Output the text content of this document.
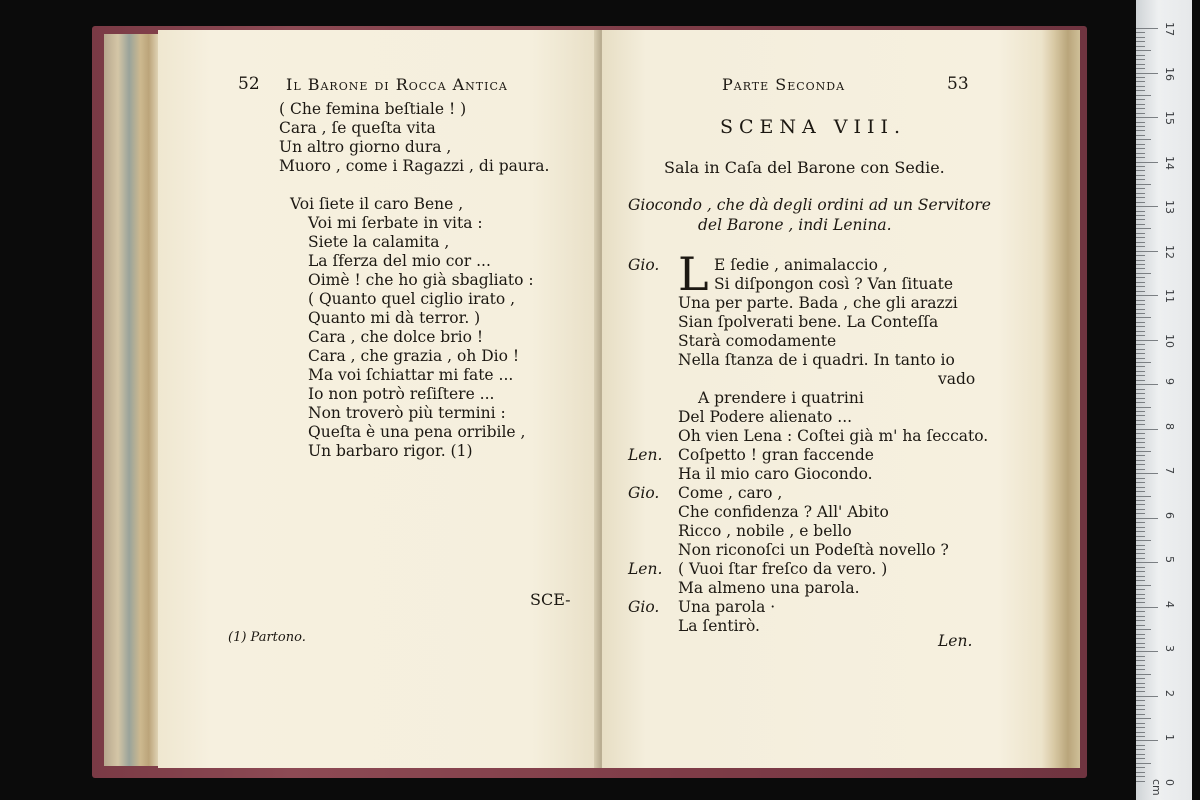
52 Il Barone di Rocca Antica
( Che femina beſtiale ! )
Cara , ſe queſta vita
Un altro giorno dura ,
Muoro , come i Ragazzi , di paura.
Voi ſiete il caro Bene ,
Voi mi ſerbate in vita :
Siete la calamita ,
La ſferza del mio cor ...
Oimè ! che ho già sbagliato :
( Quanto quel ciglio irato ,
Quanto mi dà terror. )
Cara , che dolce brio !
Cara , che grazia , oh Dio !
Ma voi ſchiattar mi fate ...
Io non potrò reſiſtere ...
Non troverò più termini :
Queſta è una pena orribile ,
Un barbaro rigor. (1)
SCE-
(1) Partono.
Parte Seconda	53
SCENA VIII.
Sala in Caſa del Barone con Sedie.
Giocondo , che dà degli ordini ad un Servitore
del Barone , indi Lenina.
Gio. L E ſedie , animalaccio ,
Si diſpongon così ? Van ſituate
Una per parte. Bada , che gli arazzi
Sian ſpolverati bene. La Conteſſa
Starà comodamente
Nella ſtanza de i quadri. In tanto io
vado
A prendere i quatrini
Del Podere alienato ...
Oh vien Lena : Coſtei già m' ha ſeccato.
Len. Coſpetto ! gran faccende
Ha il mio caro Giocondo.
Gio. Come , caro ,
Che confidenza ? All' Abito
Ricco , nobile , e bello
Non riconoſci un Podeſtà novello ?
Len. ( Vuoi ſtar freſco da vero. )
Ma almeno una parola.
Gio. Una parola ·
La ſentirò.
Len.
17
16
15
14
13
12
11
10
9
8
7
6
5
4
3
2
1
0 cm
